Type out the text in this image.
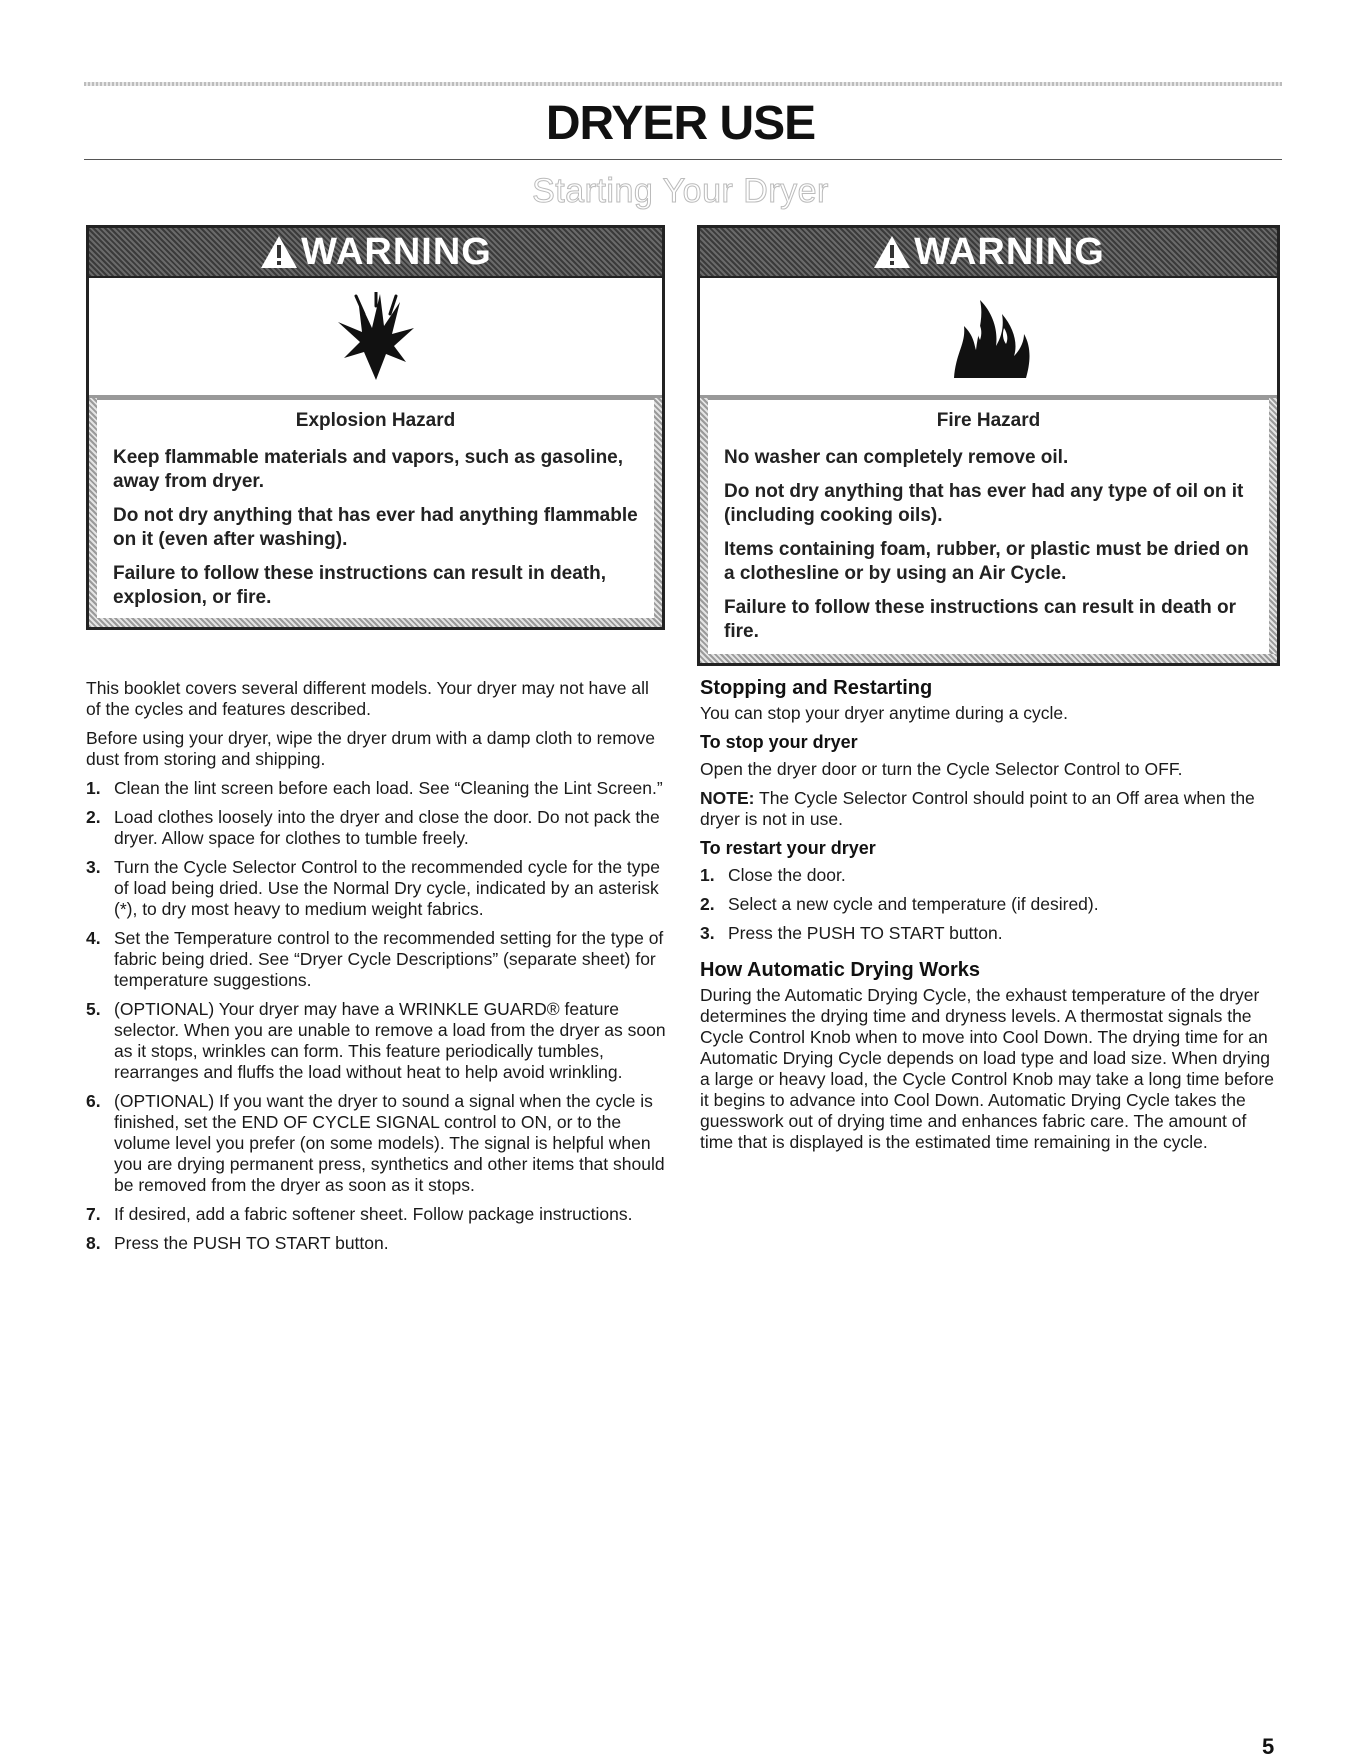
DRYER USE
Starting Your Dryer
WARNING
Explosion Hazard

Keep flammable materials and vapors, such as gasoline, away from dryer.

Do not dry anything that has ever had anything flammable on it (even after washing).

Failure to follow these instructions can result in death, explosion, or fire.

WARNING
Fire Hazard

No washer can completely remove oil.

Do not dry anything that has ever had any type of oil on it (including cooking oils).

Items containing foam, rubber, or plastic must be dried on a clothesline or by using an Air Cycle.

Failure to follow these instructions can result in death or fire.

This booklet covers several different models. Your dryer may not have all of the cycles and features described.

Before using your dryer, wipe the dryer drum with a damp cloth to remove dust from storing and shipping.

1. Clean the lint screen before each load. See “Cleaning the Lint Screen.”
2. Load clothes loosely into the dryer and close the door. Do not pack the dryer. Allow space for clothes to tumble freely.
3. Turn the Cycle Selector Control to the recommended cycle for the type of load being dried. Use the Normal Dry cycle, indicated by an asterisk (*), to dry most heavy to medium weight fabrics.
4. Set the Temperature control to the recommended setting for the type of fabric being dried. See “Dryer Cycle Descriptions” (separate sheet) for temperature suggestions.
5. (OPTIONAL) Your dryer may have a WRINKLE GUARD® feature selector. When you are unable to remove a load from the dryer as soon as it stops, wrinkles can form. This feature periodically tumbles, rearranges and fluffs the load without heat to help avoid wrinkling.
6. (OPTIONAL) If you want the dryer to sound a signal when the cycle is finished, set the END OF CYCLE SIGNAL control to ON, or to the volume level you prefer (on some models). The signal is helpful when you are drying permanent press, synthetics and other items that should be removed from the dryer as soon as it stops.
7. If desired, add a fabric softener sheet. Follow package instructions.
8. Press the PUSH TO START button.
Stopping and Restarting

You can stop your dryer anytime during a cycle.

To stop your dryer

Open the dryer door or turn the Cycle Selector Control to OFF.

NOTE: The Cycle Selector Control should point to an Off area when the dryer is not in use.

To restart your dryer
1. Close the door.
2. Select a new cycle and temperature (if desired).
3. Press the PUSH TO START button.
How Automatic Drying Works

During the Automatic Drying Cycle, the exhaust temperature of the dryer determines the drying time and dryness levels. A thermostat signals the Cycle Control Knob when to move into Cool Down. The drying time for an Automatic Drying Cycle depends on load type and load size. When drying a large or heavy load, the Cycle Control Knob may take a long time before it begins to advance into Cool Down. Automatic Drying Cycle takes the guesswork out of drying time and enhances fabric care. The amount of time that is displayed is the estimated time remaining in the cycle.

5
